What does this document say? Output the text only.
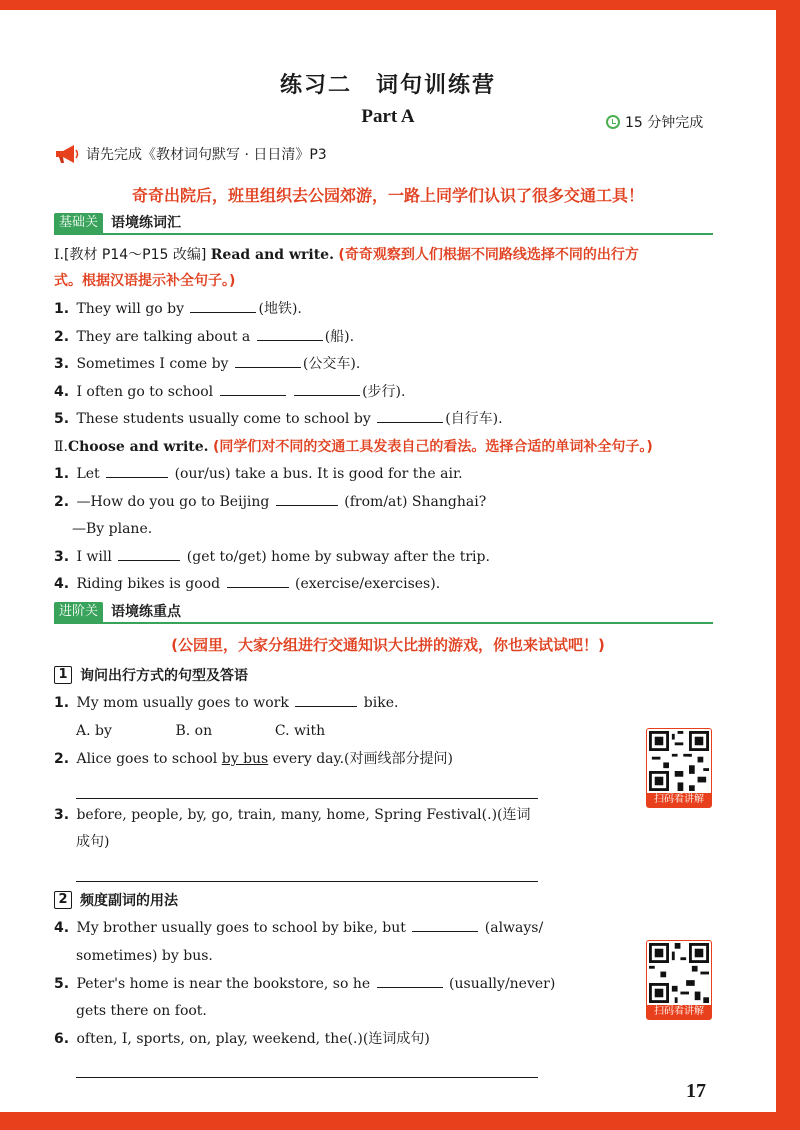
练习二　词句训练营
Part A	15 分钟完成
请先完成《教材词句默写 · 日日清》P3
奇奇出院后，班里组织去公园郊游，一路上同学们认识了很多交通工具！
基础关 语境练词汇
Ⅰ.[教材 P14～P15 改编] Read and write. (奇奇观察到人们根据不同路线选择不同的出行方
式。根据汉语提示补全句子。)
1. They will go by	(地铁).
2. They are talking about a	(船).
3. Sometimes I come by	(公交车).
4. I often go to school	(步行).
5. These students usually come to school by	(自行车).
Ⅱ.Choose and write. (同学们对不同的交通工具发表自己的看法。选择合适的单词补全句子。)
1. Let	(our/us) take a bus. It is good for the air.
2. —How do you go to Beijing	(from/at) Shanghai?
—By plane.
3. I will	(get to/get) home by subway after the trip.
4. Riding bikes is good	(exercise/exercises).
进阶关 语境练重点
(公园里，大家分组进行交通知识大比拼的游戏，你也来试试吧！)
1 询问出行方式的句型及答语
1. My mom usually goes to work	bike.
A. by	B. on	C. with
2. Alice goes to school by bus every day.(对画线部分提问)
3. before, people, by, go, train, many, home, Spring Festival(.)(连词
成句)
2 频度副词的用法
4. My brother usually goes to school by bike, but	(always/
sometimes) by bus.
5. Peter's home is near the bookstore, so he	(usually/never)
gets there on foot.
6. often, I, sports, on, play, weekend, the(.)(连词成句)
扫码看讲解
扫码看讲解
17
